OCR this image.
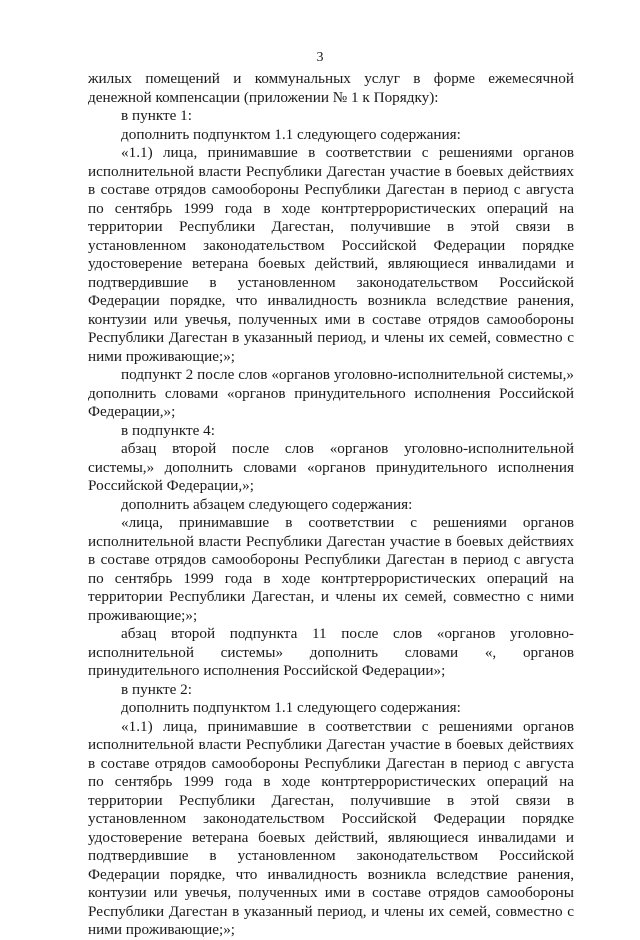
3

жилых помещений и коммунальных услуг в форме ежемесячной денежной компенсации (приложении № 1 к Порядку):

в пункте 1:

дополнить подпунктом 1.1 следующего содержания:

«1.1) лица, принимавшие в соответствии с решениями органов исполнительной власти Республики Дагестан участие в боевых действиях в составе отрядов самообороны Республики Дагестан в период с августа по сентябрь 1999 года в ходе контртеррористических операций на территории Республики Дагестан, получившие в этой связи в установленном законодательством Российской Федерации порядке удостоверение ветерана боевых действий, являющиеся инвалидами и подтвердившие в установленном законодательством Российской Федерации порядке, что инвалидность возникла вследствие ранения, контузии или увечья, полученных ими в составе отрядов самообороны Республики Дагестан в указанный период, и члены их семей, совместно с ними проживающие;»;

подпункт 2 после слов «органов уголовно-исполнительной системы,» дополнить словами «органов принудительного исполнения Российской Федерации,»;

в подпункте 4:

абзац второй после слов «органов уголовно-исполнительной системы,» дополнить словами «органов принудительного исполнения Российской Федерации,»;

дополнить абзацем следующего содержания:

«лица, принимавшие в соответствии с решениями органов исполнительной власти Республики Дагестан участие в боевых действиях в составе отрядов самообороны Республики Дагестан в период с августа по сентябрь 1999 года в ходе контртеррористических операций на территории Республики Дагестан, и члены их семей, совместно с ними проживающие;»;

абзац второй подпункта 11 после слов «органов уголовно-исполнительной системы» дополнить словами «, органов принудительного исполнения Российской Федерации»;

в пункте 2:

дополнить подпунктом 1.1 следующего содержания:

«1.1) лица, принимавшие в соответствии с решениями органов исполнительной власти Республики Дагестан участие в боевых действиях в составе отрядов самообороны Республики Дагестан в период с августа по сентябрь 1999 года в ходе контртеррористических операций на территории Республики Дагестан, получившие в этой связи в установленном законодательством Российской Федерации порядке удостоверение ветерана боевых действий, являющиеся инвалидами и подтвердившие в установленном законодательством Российской Федерации порядке, что инвалидность возникла вследствие ранения, контузии или увечья, полученных ими в составе отрядов самообороны Республики Дагестан в указанный период, и члены их семей, совместно с ними проживающие;»;
